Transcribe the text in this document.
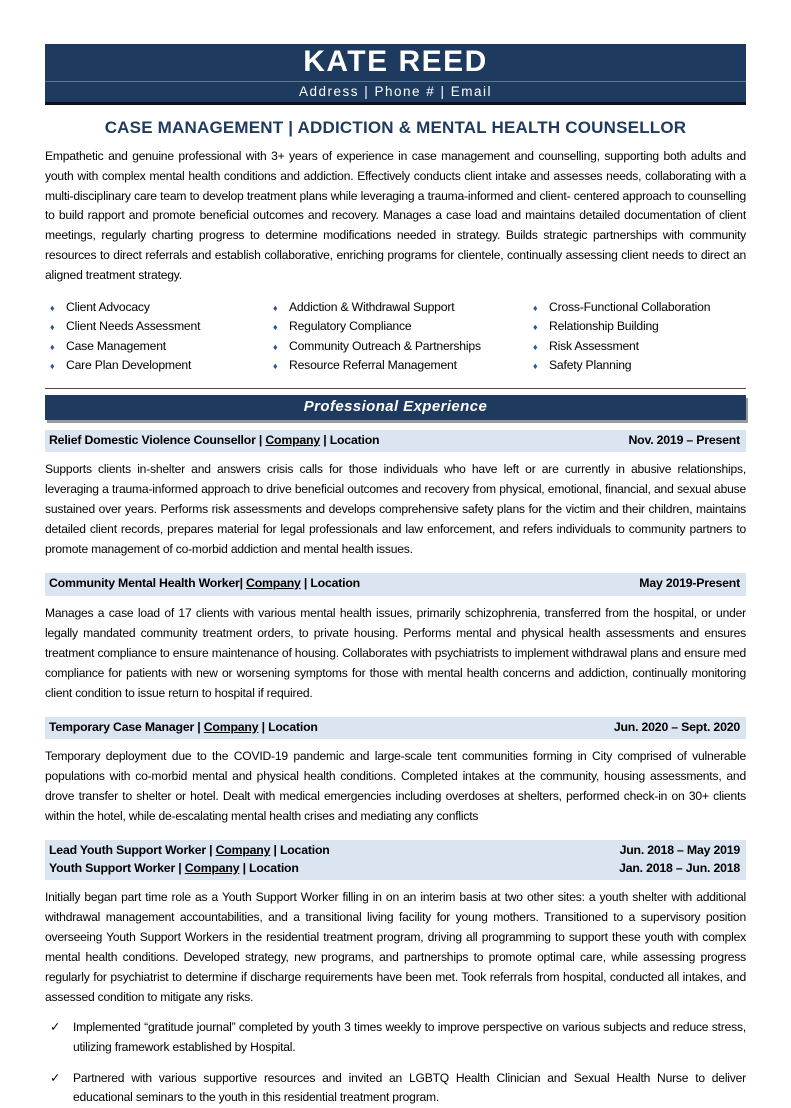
KATE REED
Address | Phone # | Email
CASE MANAGEMENT | ADDICTION & MENTAL HEALTH COUNSELLOR

Empathetic and genuine professional with 3+ years of experience in case management and counselling, supporting both adults and youth with complex mental health conditions and addiction. Effectively conducts client intake and assesses needs, collaborating with a multi-disciplinary care team to develop treatment plans while leveraging a trauma-informed and client- centered approach to counselling to build rapport and promote beneficial outcomes and recovery. Manages a case load and maintains detailed documentation of client meetings, regularly charting progress to determine modifications needed in strategy. Builds strategic partnerships with community resources to direct referrals and establish collaborative, enriching programs for clientele, continually assessing client needs to direct an aligned treatment strategy.

♦ Client Advocacy
♦ Client Needs Assessment
♦ Case Management
♦ Care Plan Development
♦ Addiction & Withdrawal Support
♦ Regulatory Compliance
♦ Community Outreach & Partnerships
♦ Resource Referral Management
♦ Cross-Functional Collaboration
♦ Relationship Building
♦ Risk Assessment
♦ Safety Planning
Professional Experience
Relief Domestic Violence Counsellor | Company | Location	Nov. 2019 – Present

Supports clients in-shelter and answers crisis calls for those individuals who have left or are currently in abusive relationships, leveraging a trauma-informed approach to drive beneficial outcomes and recovery from physical, emotional, financial, and sexual abuse sustained over years. Performs risk assessments and develops comprehensive safety plans for the victim and their children, maintains detailed client records, prepares material for legal professionals and law enforcement, and refers individuals to community partners to promote management of co-morbid addiction and mental health issues.

Community Mental Health Worker| Company | Location	May 2019-Present

Manages a case load of 17 clients with various mental health issues, primarily schizophrenia, transferred from the hospital, or under legally mandated community treatment orders, to private housing. Performs mental and physical health assessments and ensures treatment compliance to ensure maintenance of housing. Collaborates with psychiatrists to implement withdrawal plans and ensure med compliance for patients with new or worsening symptoms for those with mental health concerns and addiction, continually monitoring client condition to issue return to hospital if required.

Temporary Case Manager | Company | Location	Jun. 2020 – Sept. 2020

Temporary deployment due to the COVID-19 pandemic and large-scale tent communities forming in City comprised of vulnerable populations with co-morbid mental and physical health conditions. Completed intakes at the community, housing assessments, and drove transfer to shelter or hotel. Dealt with medical emergencies including overdoses at shelters, performed check-in on 30+ clients within the hotel, while de-escalating mental health crises and mediating any conflicts

Lead Youth Support Worker | Company | Location	Jun. 2018 – May 2019
Youth Support Worker | Company | Location	Jan. 2018 – Jun. 2018

Initially began part time role as a Youth Support Worker filling in on an interim basis at two other sites: a youth shelter with additional withdrawal management accountabilities, and a transitional living facility for young mothers. Transitioned to a supervisory position overseeing Youth Support Workers in the residential treatment program, driving all programming to support these youth with complex mental health conditions. Developed strategy, new programs, and partnerships to promote optimal care, while assessing progress regularly for psychiatrist to determine if discharge requirements have been met. Took referrals from hospital, conducted all intakes, and assessed condition to mitigate any risks.

✓	Implemented “gratitude journal” completed by youth 3 times weekly to improve perspective on various subjects and reduce stress, utilizing framework established by Hospital.
✓	Partnered with various supportive resources and invited an LGBTQ Health Clinician and Sexual Health Nurse to deliver educational seminars to the youth in this residential treatment program.
